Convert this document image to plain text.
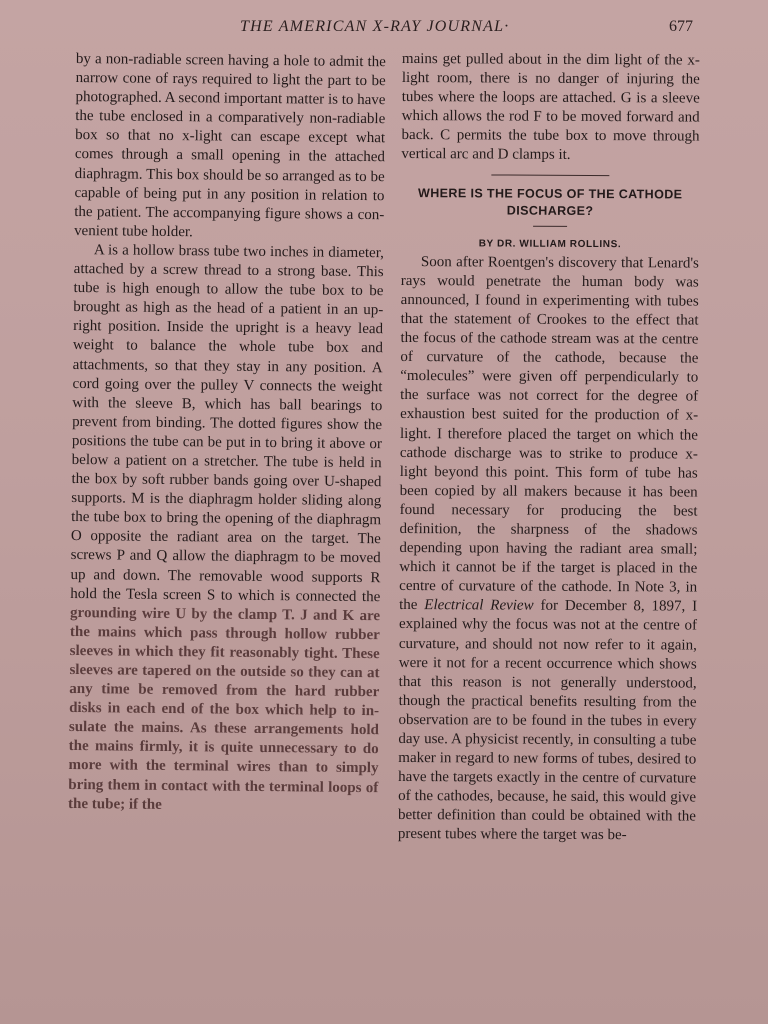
THE AMERICAN X-RAY JOURNAL·	677

by a non-radiable screen having a hole to admit the narrow cone of rays required to light the part to be photographed. A second important matter is to have the tube enclosed in a comparatively non-radiable box so that no x-light can escape except what comes through a small opening in the attached diaphragm. This box should be so arranged as to be capable of being put in any position in relation to the patient. The accompanying figure shows a convenient tube holder.

A is a hollow brass tube two inches in diameter, attached by a screw thread to a strong base. This tube is high enough to allow the tube box to be brought as high as the head of a patient in an upright position. Inside the upright is a heavy lead weight to balance the whole tube box and attachments, so that they stay in any position. A cord going over the pulley V connects the weight with the sleeve B, which has ball bearings to prevent from binding. The dotted figures show the positions the tube can be put in to bring it above or below a patient on a stretcher. The tube is held in the box by soft rubber bands going over U-shaped supports. M is the diaphragm holder sliding along the tube box to bring the opening of the diaphragm O opposite the radiant area on the target. The screws P and Q allow the diaphragm to be moved up and down. The removable wood supports R hold the Tesla screen S to which is connected the grounding wire U by the clamp T. J and K are the mains which pass through hollow rubber sleeves in which they fit reasonably tight. These sleeves are tapered on the outside so they can at any time be removed from the hard rubber disks in each end of the box which help to insulate the mains. As these arrangements hold the mains firmly, it is quite unnecessary to do more with the terminal wires than to simply bring them in contact with the terminal loops of the tube; if the

mains get pulled about in the dim light of the x-light room, there is no danger of injuring the tubes where the loops are attached. G is a sleeve which allows the rod F to be moved forward and back. C permits the tube box to move through vertical arc and D clamps it.

WHERE IS THE FOCUS OF THE CATHODE DISCHARGE?

BY DR. WILLIAM ROLLINS.

Soon after Roentgen's discovery that Lenard's rays would penetrate the human body was announced, I found in experimenting with tubes that the statement of Crookes to the effect that the focus of the cathode stream was at the centre of curvature of the cathode, because the “molecules” were given off perpendicularly to the surface was not correct for the degree of exhaustion best suited for the production of x-light. I therefore placed the target on which the cathode discharge was to strike to produce x-light beyond this point. This form of tube has been copied by all makers because it has been found necessary for producing the best definition, the sharpness of the shadows depending upon having the radiant area small; which it cannot be if the target is placed in the centre of curvature of the cathode. In Note 3, in the Electrical Review for December 8, 1897, I explained why the focus was not at the centre of curvature, and should not now refer to it again, were it not for a recent occurrence which shows that this reason is not generally understood, though the practical benefits resulting from the observation are to be found in the tubes in every day use. A physicist recently, in consulting a tube maker in regard to new forms of tubes, desired to have the targets exactly in the centre of curvature of the cathodes, because, he said, this would give better definition than could be obtained with the present tubes where the target was be-
